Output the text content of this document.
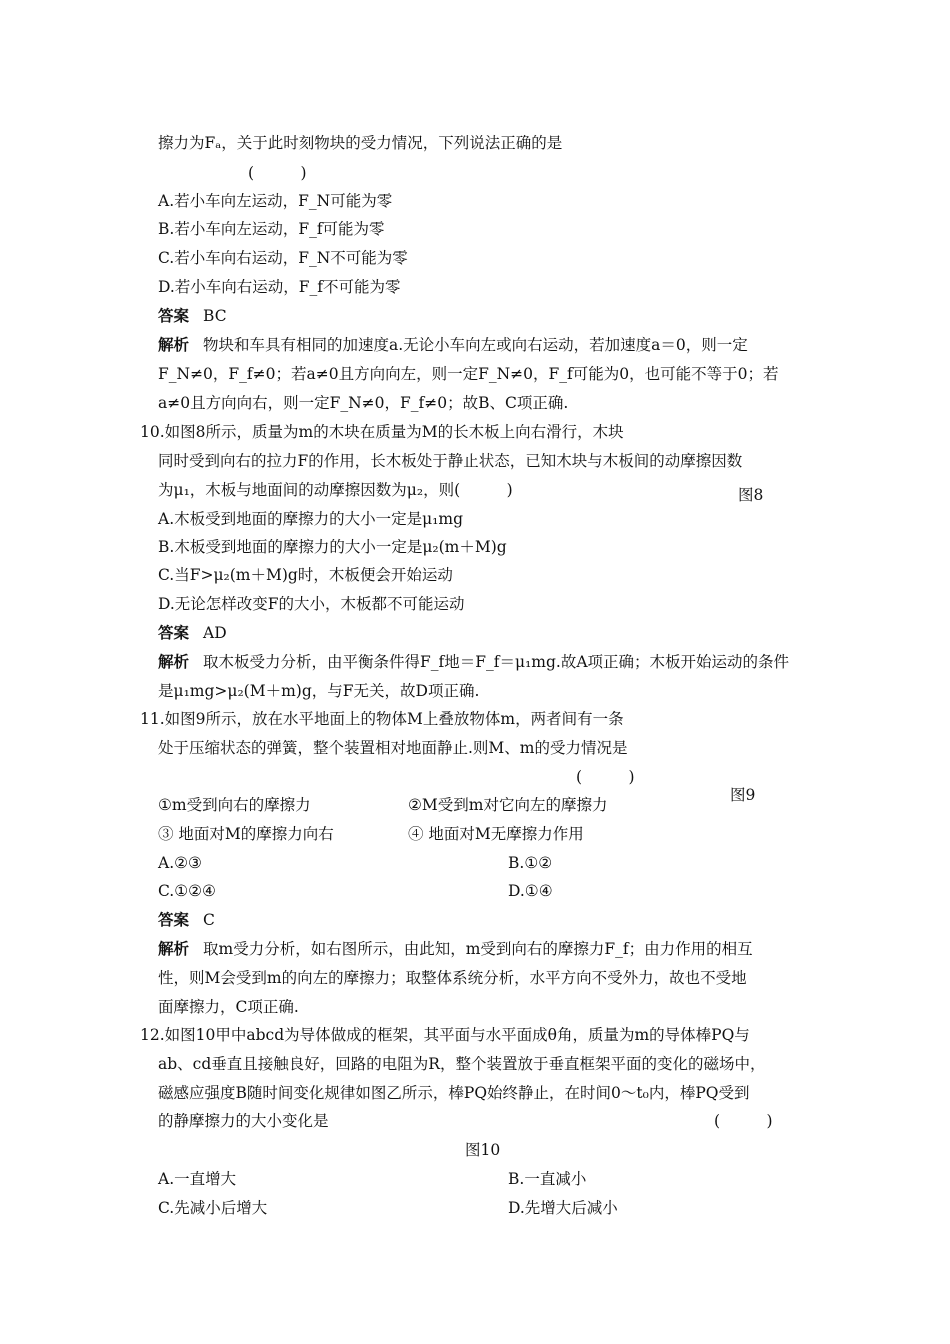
擦力为Fₐ，关于此时刻物块的受力情况，下列说法正确的是
(　　　)
A.若小车向左运动，F_N可能为零
B.若小车向左运动，F_f可能为零
C.若小车向右运动，F_N不可能为零
D.若小车向右运动，F_f不可能为零
答案 BC
解析 物块和车具有相同的加速度a.无论小车向左或向右运动，若加速度a＝0，则一定
F_N≠0，F_f≠0；若a≠0且方向向左，则一定F_N≠0，F_f可能为0，也可能不等于0；若
a≠0且方向向右，则一定F_N≠0，F_f≠0；故B、C项正确.
10.如图8所示，质量为m的木块在质量为M的长木板上向右滑行，木块
同时受到向右的拉力F的作用，长木板处于静止状态，已知木块与木板间的动摩擦因数
为μ₁，木板与地面间的动摩擦因数为μ₂，则(　　　)	图8
A.木板受到地面的摩擦力的大小一定是μ₁mg
B.木板受到地面的摩擦力的大小一定是μ₂(m＋M)g
C.当F>μ₂(m＋M)g时，木板便会开始运动
D.无论怎样改变F的大小，木板都不可能运动
答案 AD
解析 取木板受力分析，由平衡条件得F_f地＝F_f＝μ₁mg.故A项正确；木板开始运动的条件
是μ₁mg>μ₂(M＋m)g，与F无关，故D项正确.
11.如图9所示，放在水平地面上的物体M上叠放物体m，两者间有一条
处于压缩状态的弹簧，整个装置相对地面静止.则M、m的受力情况是
(　　　)
图9
①m受到向右的摩擦力	②M受到m对它向左的摩擦力
③ 地面对M的摩擦力向右	④ 地面对M无摩擦力作用
A.②③	B.①②
C.①②④	D.①④
答案 C
解析 取m受力分析，如右图所示，由此知，m受到向右的摩擦力F_f；由力作用的相互
性，则M会受到m的向左的摩擦力；取整体系统分析，水平方向不受外力，故也不受地
面摩擦力，C项正确.
12.如图10甲中abcd为导体做成的框架，其平面与水平面成θ角，质量为m的导体棒PQ与
ab、cd垂直且接触良好，回路的电阻为R，整个装置放于垂直框架平面的变化的磁场中，
磁感应强度B随时间变化规律如图乙所示，棒PQ始终静止，在时间0～t₀内，棒PQ受到
的静摩擦力的大小变化是	(　　　)
图10
A.一直增大	B.一直减小
C.先减小后增大	D.先增大后减小
